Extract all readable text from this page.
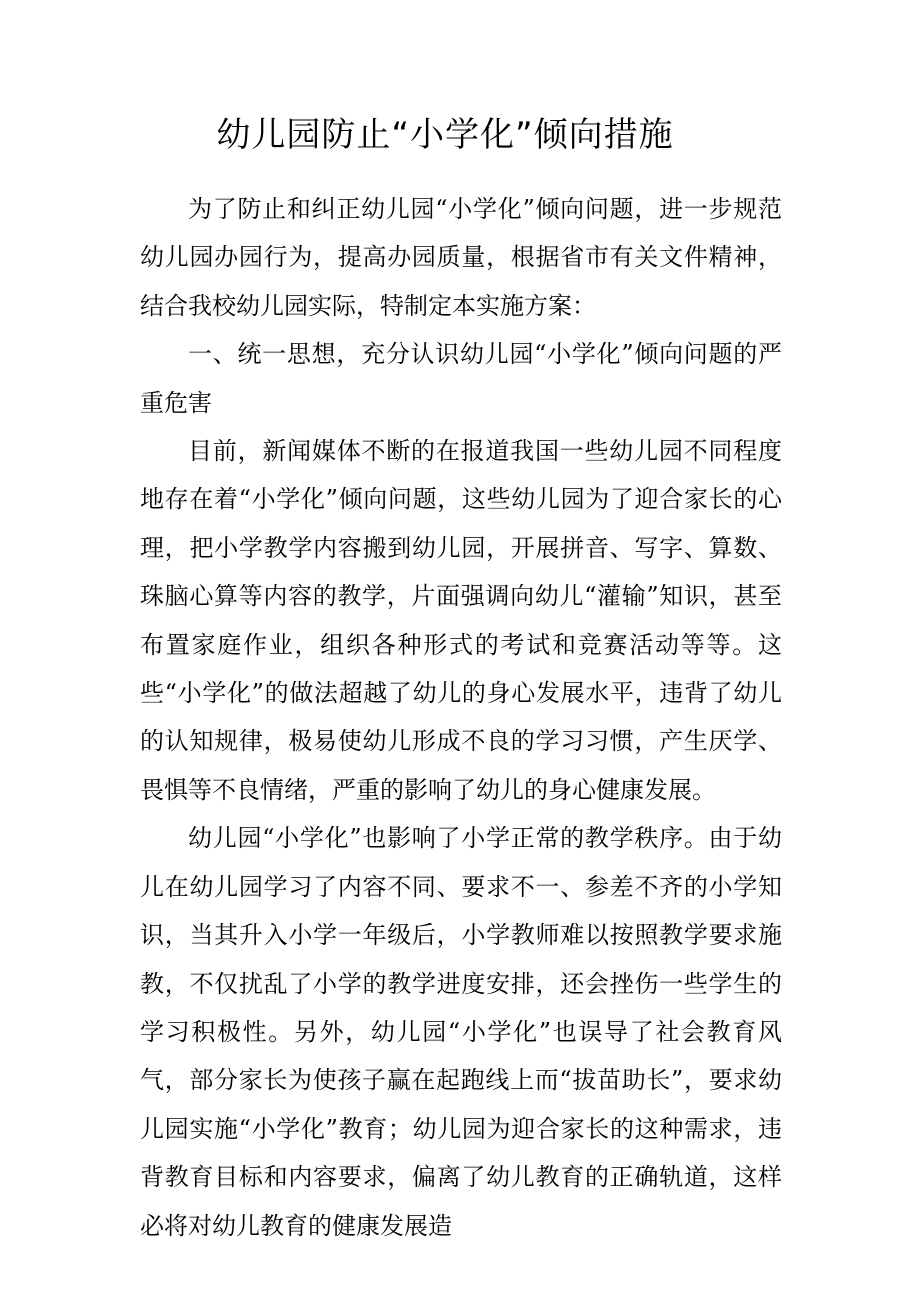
幼儿园防止“小学化”倾向措施

为了防止和纠正幼儿园“小学化”倾向问题，进一步规范幼儿园办园行为，提高办园质量，根据省市有关文件精神，结合我校幼儿园实际，特制定本实施方案：

一、统一思想，充分认识幼儿园“小学化”倾向问题的严重危害

目前，新闻媒体不断的在报道我国一些幼儿园不同程度地存在着“小学化”倾向问题，这些幼儿园为了迎合家长的心理，把小学教学内容搬到幼儿园，开展拼音、写字、算数、珠脑心算等内容的教学，片面强调向幼儿“灌输”知识，甚至布置家庭作业，组织各种形式的考试和竞赛活动等等。这些“小学化”的做法超越了幼儿的身心发展水平，违背了幼儿的认知规律，极易使幼儿形成不良的学习习惯，产生厌学、畏惧等不良情绪，严重的影响了幼儿的身心健康发展。

幼儿园“小学化”也影响了小学正常的教学秩序。由于幼儿在幼儿园学习了内容不同、要求不一、参差不齐的小学知识，当其升入小学一年级后，小学教师难以按照教学要求施教，不仅扰乱了小学的教学进度安排，还会挫伤一些学生的学习积极性。另外，幼儿园“小学化”也误导了社会教育风气，部分家长为使孩子赢在起跑线上而“拔苗助长”，要求幼儿园实施“小学化”教育；幼儿园为迎合家长的这种需求，违背教育目标和内容要求，偏离了幼儿教育的正确轨道，这样必将对幼儿教育的健康发展造
